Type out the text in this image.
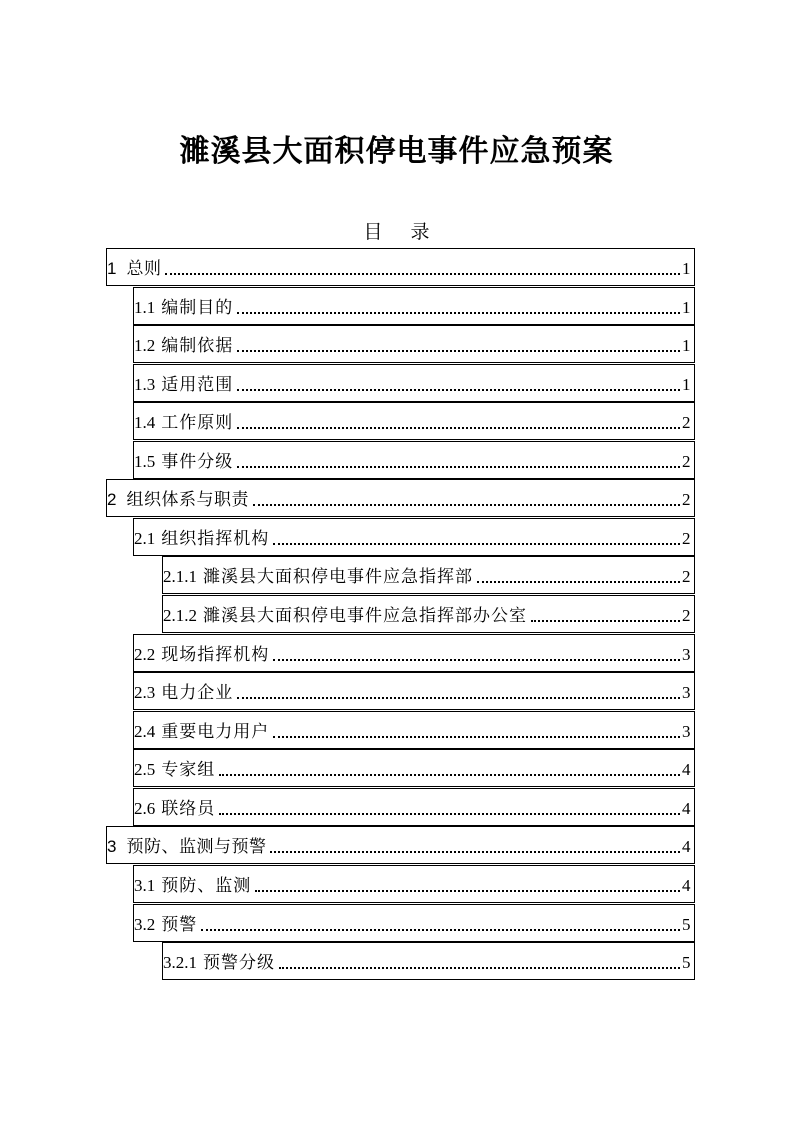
濉溪县大面积停电事件应急预案
目 录
1 总则	1
1.1 编制目的	1
1.2 编制依据	1
1.3 适用范围	1
1.4 工作原则	2
1.5 事件分级	2
2 组织体系与职责	2
2.1 组织指挥机构	2
2.1.1 濉溪县大面积停电事件应急指挥部	2
2.1.2 濉溪县大面积停电事件应急指挥部办公室	2
2.2 现场指挥机构	3
2.3 电力企业	3
2.4 重要电力用户	3
2.5 专家组	4
2.6 联络员	4
3 预防、监测与预警	4
3.1 预防、监测	4
3.2 预警	5
3.2.1 预警分级	5
